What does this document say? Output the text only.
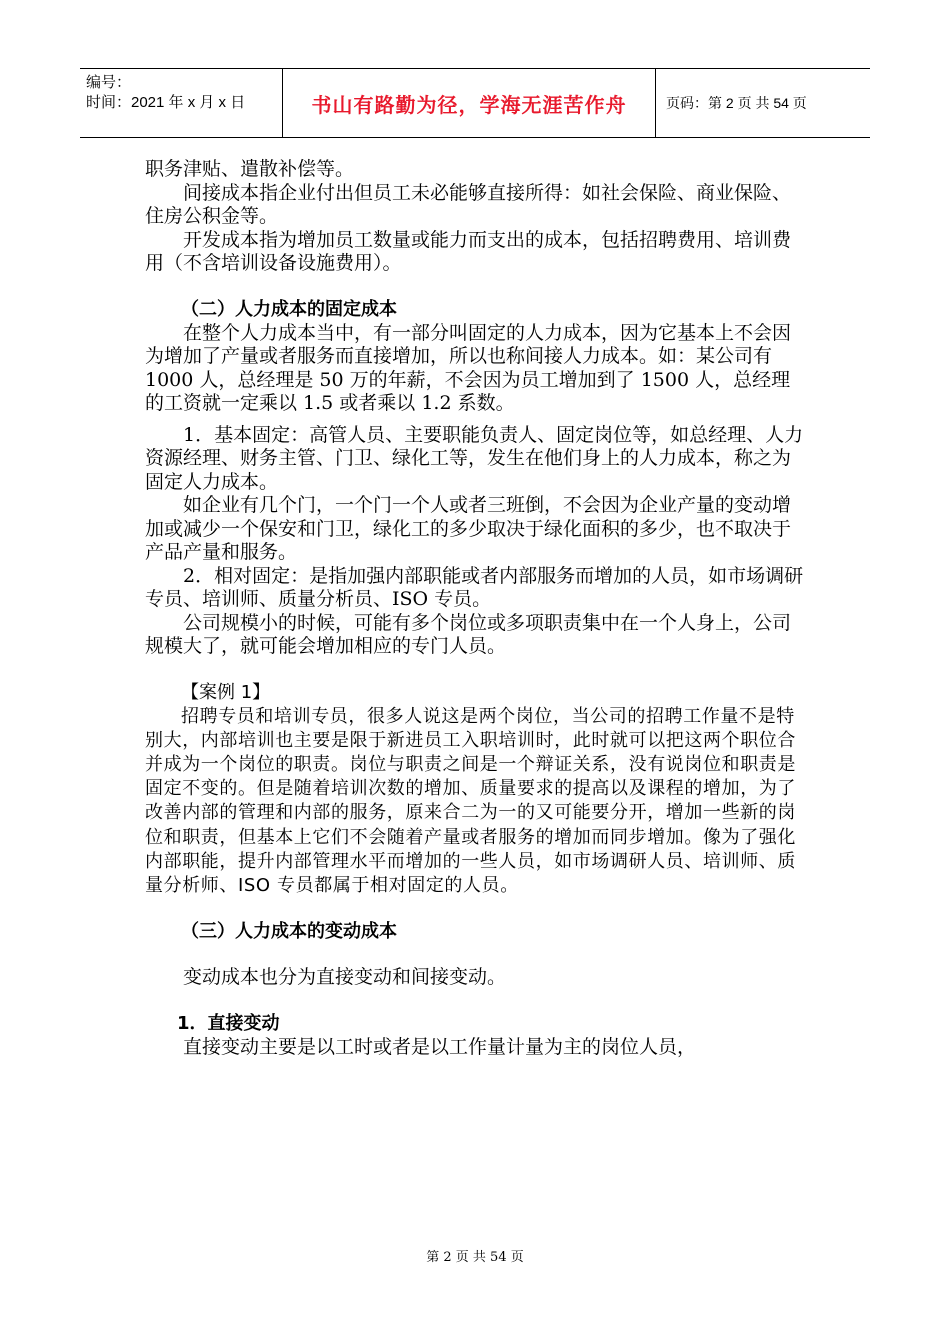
编号：
时间：2021 年 x 月 x 日	书山有路勤为径，学海无涯苦作舟	页码：第 2 页 共 54 页

职务津贴、遣散补偿等。

间接成本指企业付出但员工未必能够直接所得：如社会保险、商业保险、住房公积金等。

开发成本指为增加员工数量或能力而支出的成本，包括招聘费用、培训费用（不含培训设备设施费用）。

（二）人力成本的固定成本

在整个人力成本当中，有一部分叫固定的人力成本，因为它基本上不会因为增加了产量或者服务而直接增加，所以也称间接人力成本。如：某公司有 1000 人，总经理是 50 万的年薪，不会因为员工增加到了 1500 人，总经理的工资就一定乘以 1.5 或者乘以 1.2 系数。

1．基本固定：高管人员、主要职能负责人、固定岗位等，如总经理、人力资源经理、财务主管、门卫、绿化工等，发生在他们身上的人力成本，称之为固定人力成本。

如企业有几个门，一个门一个人或者三班倒，不会因为企业产量的变动增加或减少一个保安和门卫，绿化工的多少取决于绿化面积的多少，也不取决于产品产量和服务。

2．相对固定：是指加强内部职能或者内部服务而增加的人员，如市场调研专员、培训师、质量分析员、ISO 专员。

公司规模小的时候，可能有多个岗位或多项职责集中在一个人身上，公司规模大了，就可能会增加相应的专门人员。

【案例 1】

招聘专员和培训专员，很多人说这是两个岗位，当公司的招聘工作量不是特别大，内部培训也主要是限于新进员工入职培训时，此时就可以把这两个职位合并成为一个岗位的职责。岗位与职责之间是一个辩证关系，没有说岗位和职责是固定不变的。但是随着培训次数的增加、质量要求的提高以及课程的增加，为了改善内部的管理和内部的服务，原来合二为一的又可能要分开，增加一些新的岗位和职责，但基本上它们不会随着产量或者服务的增加而同步增加。像为了强化内部职能，提升内部管理水平而增加的一些人员，如市场调研人员、培训师、质量分析师、ISO 专员都属于相对固定的人员。

（三）人力成本的变动成本

变动成本也分为直接变动和间接变动。

1．直接变动

直接变动主要是以工时或者是以工作量计量为主的岗位人员，

第 2 页 共 54 页
